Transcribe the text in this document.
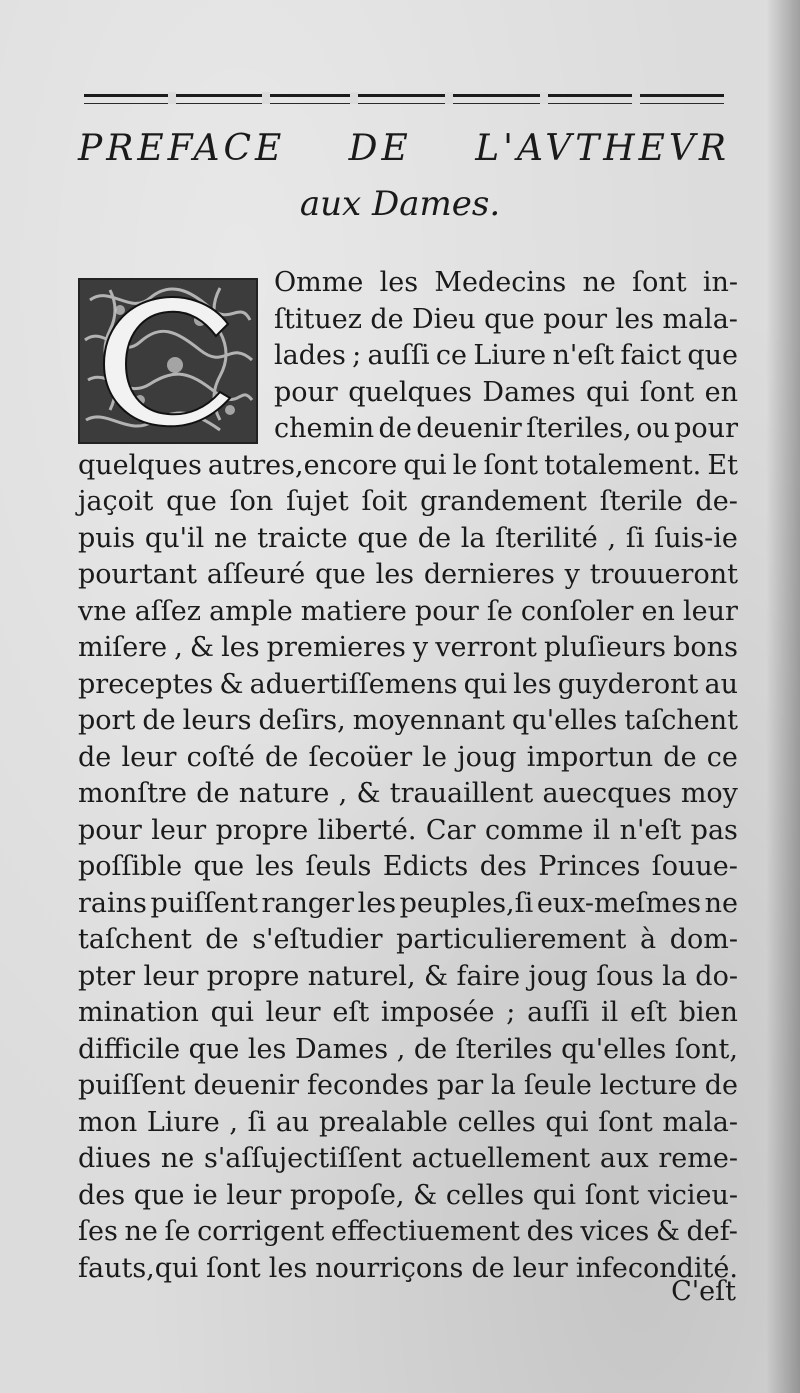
PREFACE DE L'AVTHEVR
aux Dames.
Omme les Medecins ne ſont in-
ſtituez de Dieu que pour les mala-
lades ; auſſi ce Liure n'eſt faict que
pour quelques Dames qui ſont en
chemin de deuenir ſteriles, ou pour
quelques autres,encore qui le ſont totalement. Et
jaçoit que ſon ſujet ſoit grandement ſterile de-
puis qu'il ne traicte que de la ſterilité , ſi ſuis-ie
pourtant aſſeuré que les dernieres y trouueront
vne aſſez ample matiere pour ſe conſoler en leur
miſere , & les premieres y verront pluſieurs bons
preceptes & aduertiſſemens qui les guyderont au
port de leurs deſirs, moyennant qu'elles taſchent
de leur coſté de ſecoüer le joug importun de ce
monſtre de nature , & trauaillent auecques moy
pour leur propre liberté. Car comme il n'eſt pas
poſſible que les ſeuls Edicts des Princes ſouue-
rains puiſſent ranger les peuples,ſi eux-meſmes ne
taſchent de s'eſtudier particulierement à dom-
pter leur propre naturel, & faire joug ſous la do-
mination qui leur eſt imposée ; auſſi il eſt bien
difficile que les Dames , de ſteriles qu'elles ſont,
puiſſent deuenir fecondes par la ſeule lecture de
mon Liure , ſi au prealable celles qui ſont mala-
diues ne s'aſſujectiſſent actuellement aux reme-
des que ie leur propoſe, & celles qui ſont vicieu-
ſes ne ſe corrigent effectiuement des vices & def-
fauts,qui ſont les nourriçons de leur infecondité.
C'eſt
